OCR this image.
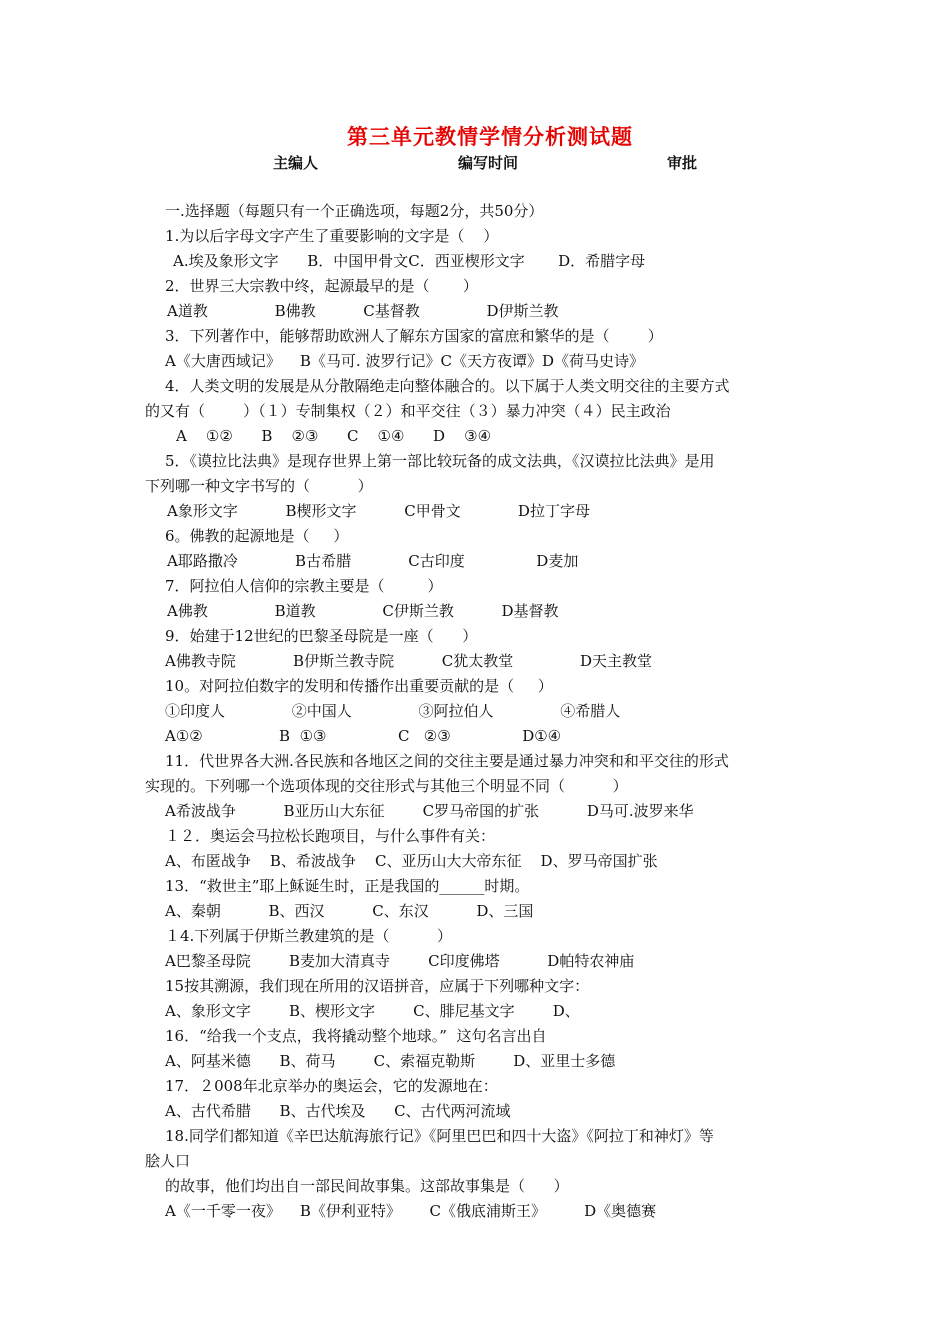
第三单元教情学情分析测试题
主编人	编写时间	审批
一.选择题（每题只有一个正确选项，每题2分，共50分）
1.为以后字母文字产生了重要影响的文字是（    ）
A.埃及象形文字      B．中国甲骨文C．西亚楔形文字       D．希腊字母
2．世界三大宗教中终，起源最早的是（       ）
A道教              B佛教          C基督教              D伊斯兰教
3．下列著作中，能够帮助欧洲人了解东方国家的富庶和繁华的是（        ）
A《大唐西域记》    B《马可. 波罗行记》C《天方夜谭》D《荷马史诗》
4．人类文明的发展是从分散隔绝走向整体融合的。以下属于人类文明交往的主要方式
的又有（        ）（１）专制集权（２）和平交往（３）暴力冲突（４）民主政治
A    ①②      B    ②③      C    ①④      D    ③④
5．《谟拉比法典》是现存世界上第一部比较玩备的成文法典，《汉谟拉比法典》是用
下列哪一种文字书写的（          ）
A象形文字          B楔形文字          C甲骨文            D拉丁字母
6。佛教的起源地是（     ）
A耶路撒冷            B古希腊            C古印度               D麦加
7．阿拉伯人信仰的宗教主要是（         ）
A佛教              B道教              C伊斯兰教          D基督教
9．始建于12世纪的巴黎圣母院是一座（      ）
A佛教寺院            B伊斯兰教寺院          C犹太教堂              D天主教堂
10。对阿拉伯数字的发明和传播作出重要贡献的是（     ）
①印度人              ②中国人              ③阿拉伯人              ④希腊人
A①②                B  ①③               C   ②③               D①④
11．代世界各大洲.各民族和各地区之间的交往主要是通过暴力冲突和和平交往的形式
实现的。下列哪一个选项体现的交往形式与其他三个明显不同（          ）
A希波战争          B亚历山大东征        C罗马帝国的扩张          D马可.波罗来华
１２．奥运会马拉松长跑项目，与什么事件有关：
A、布匿战争    B、希波战争    C、亚历山大大帝东征    D、罗马帝国扩张
13．“救世主”耶上稣诞生时，正是我国的______时期。
A、秦朝          B、西汉          C、东汉          D、三国
１4.下列属于伊斯兰教建筑的是（          ）
A巴黎圣母院        B麦加大清真寺        C印度佛塔          D帕特农神庙
15按其溯源，我们现在所用的汉语拼音，应属于下列哪种文字：
A、象形文字        B、楔形文字        C、腓尼基文字        D、
16．“给我一个支点，我将撬动整个地球。”  这句名言出自
A、阿基米德      B、荷马        C、索福克勒斯        D、亚里士多德
17．２008年北京举办的奥运会，它的发源地在：
A、古代希腊      B、古代埃及      C、古代两河流域
18.同学们都知道《辛巴达航海旅行记》《阿里巴巴和四十大盗》《阿拉丁和神灯》等
脍人口
的故事，他们均出自一部民间故事集。这部故事集是（      ）
A《一千零一夜》    B《伊利亚特》      C《俄底浦斯王》        D《奥德赛
